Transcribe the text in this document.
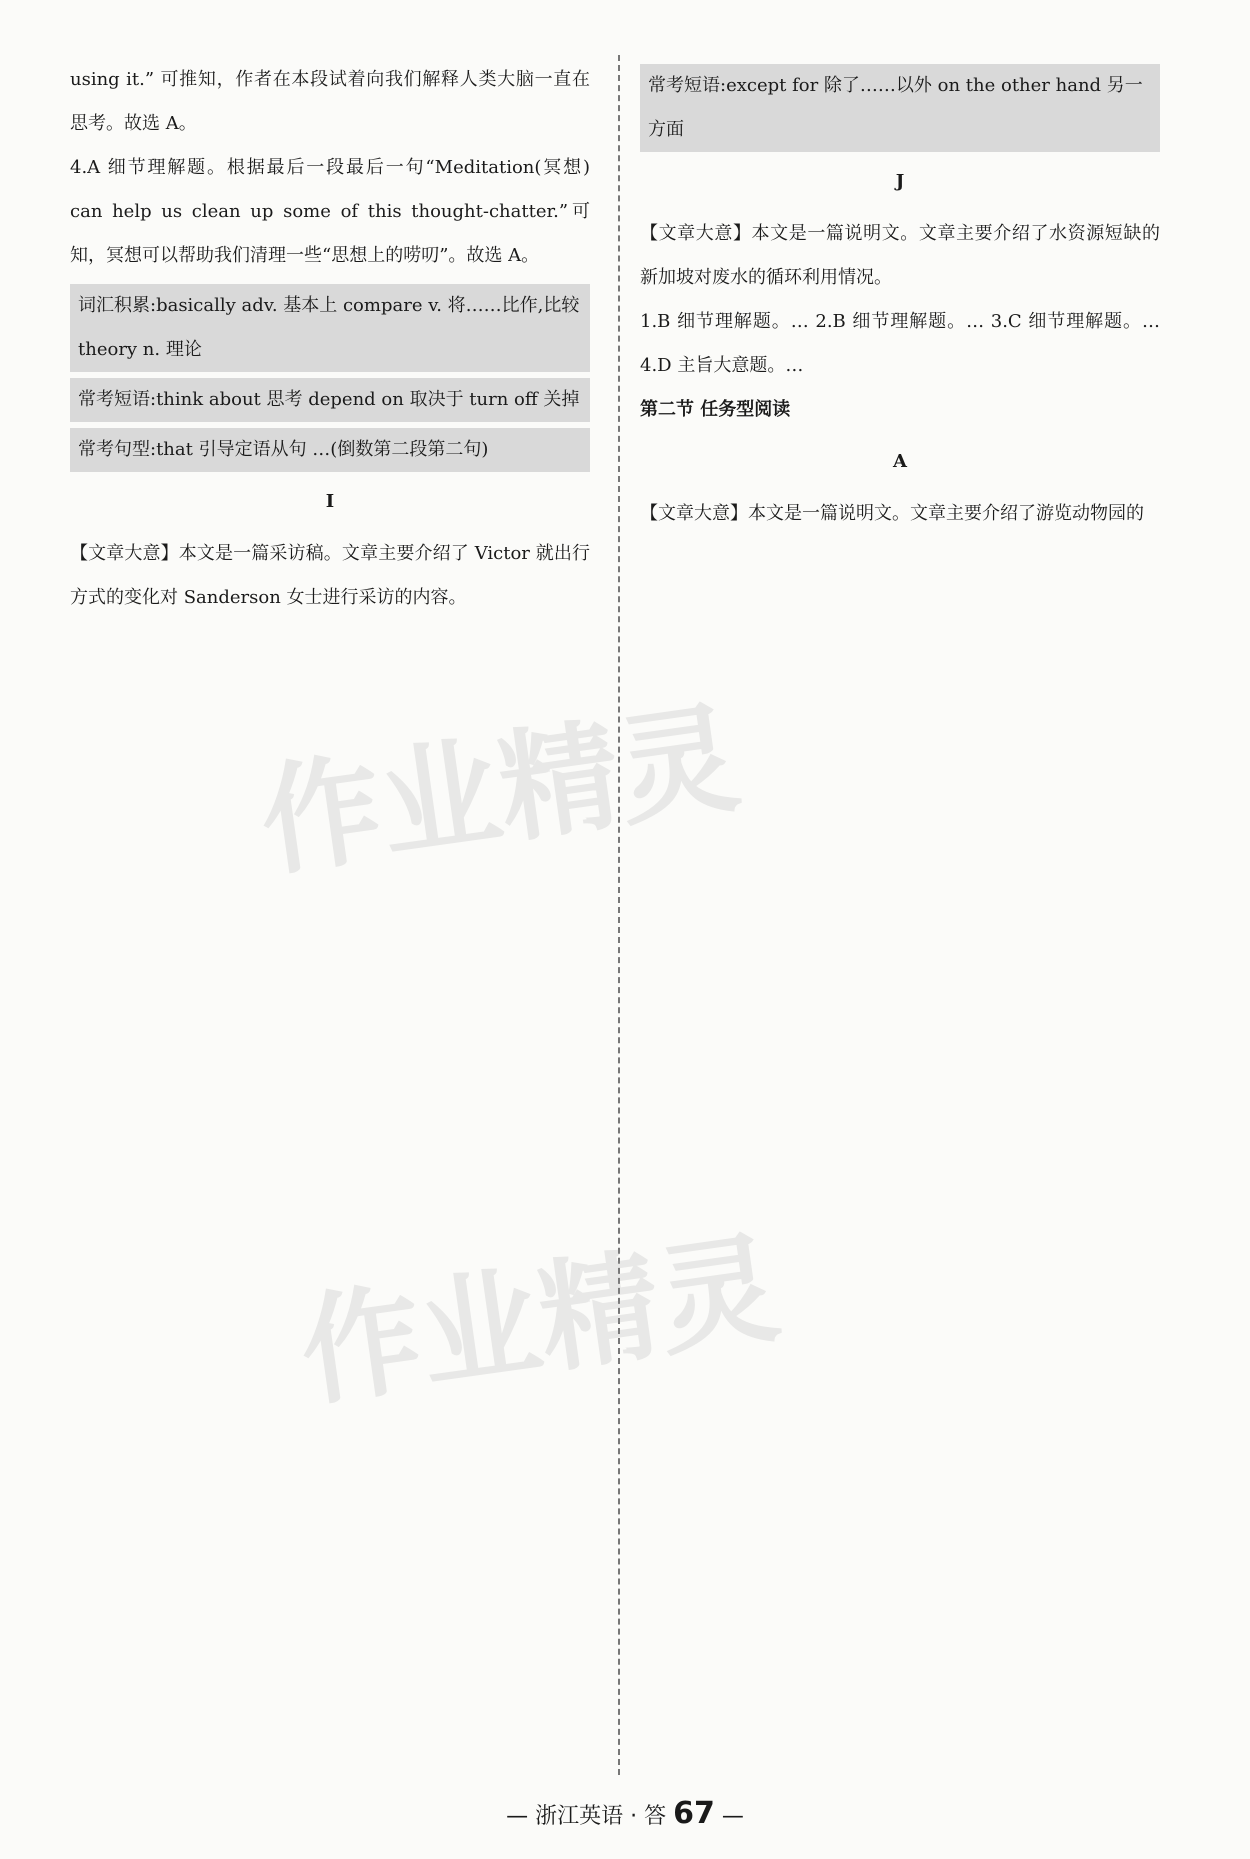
using it.” 可推知，作者在本段试着向我们解释人类大脑一直在思考。故选 A。

4.A 细节理解题。根据最后一段最后一句“Meditation(冥想) can help us clean up some of this thought-chatter.”可知，冥想可以帮助我们清理一些“思想上的唠叨”。故选 A。

词汇积累:basically adv. 基本上 compare v. 将……比作,比较 theory n. 理论
常考短语:think about 思考 depend on 取决于 turn off 关掉
常考句型:that 引导定语从句 …(倒数第二段第二句)
I

【文章大意】本文是一篇采访稿。文章主要介绍了 Victor 就出行方式的变化对 Sanderson 女士进行采访的内容。

常考短语:except for 除了……以外 on the other hand 另一方面
J

【文章大意】本文是一篇说明文。文章主要介绍了水资源短缺的新加坡对废水的循环利用情况。

1.B 细节理解题。… 2.B 细节理解题。… 3.C 细节理解题。… 4.D 主旨大意题。…

第二节 任务型阅读

A

【文章大意】本文是一篇说明文。文章主要介绍了游览动物园的

作业精灵
作业精灵
— 浙江英语 · 答 67 —
